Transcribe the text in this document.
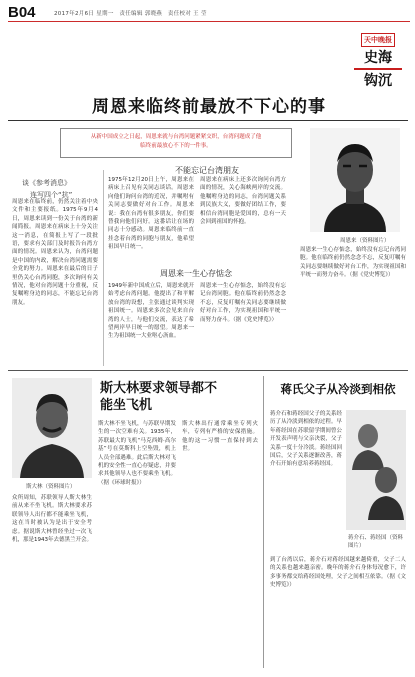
B04	2017年2月6日 星期一　责任编辑 郭晓燕　责任校对 王 莹
天中晚报
史海
钩沉
周恩来临终前最放不下心的事
从新中国成立之日起，周恩来就与台湾问题紧紧交织，台湾问题成了他
临终前最放心不下的一件事。
不能忘记台湾朋友
谈《参考消息》
连写四个“抗”
周恩来在临终前，仍然关注着中央文件和主要报纸。1975年9月4日，周恩来读到一份关于台湾的新闻简报。周恩来在病床上十分关注这一消息，在简报上写了一段批语，要求有关部门及时报告台湾方面的情况。周恩来认为，台湾问题是中国的内政，解决台湾问题需要全党的努力。周恩来在最后的日子里仍关心台湾同胞，多次询问有关情况，他对台湾问题十分重视，反复嘱咐身边的同志，不能忘记台湾朋友。
1975年12月20日上午，周恩来在病床上召见有关同志谈话。周恩来向他们询问台湾的近况，并嘱咐有关同志要做好对台工作。周恩来说：我在台湾有很多朋友，你们要替我向他们问好。这番话让在场的同志十分感动。周恩来临终前一直挂念着台湾的同胞与朋友，他希望祖国早日统一。
周恩来在病床上还多次询问台湾方面的情况，关心海峡两岸的交流。他嘱咐身边的同志，台湾问题关系到民族大义，要做好团结工作，要相信台湾同胞是爱国的，总有一天会回到祖国的怀抱。
周恩来一生心存惦念
1949年新中国成立后，周恩来就开始考虑台湾问题。他提出了和平解放台湾的设想，主张通过谈判实现祖国统一。周恩来多次会见来自台湾的人士，与他们交流，表达了希望两岸早日统一的愿望。周恩来一生为祖国统一大业呕心沥血。
周恩来一生心存惦念，始终没有忘记台湾同胞。他在临终前仍然念念不忘，反复叮嘱有关同志要继续做好对台工作，为实现祖国和平统一而努力奋斗。（据《党史博览》）
周恩来（资料图片）
周恩来一生心存惦念，始终没有忘记台湾同胞。他在临终前仍然念念不忘，反复叮嘱有关同志要继续做好对台工作，为实现祖国和平统一而努力奋斗。（据《党史博览》）
斯大林（资料图片）
斯大林要求领导都不能坐飞机
众所周知，苏联领导人斯大林生前从来不坐飞机。斯大林要求苏联领导人出行都不能乘坐飞机，这在当时被认为是出于安全考虑。据说斯大林曾经坐过一次飞机，那是1943年去德黑兰开会。
斯大林不坐飞机，与苏联早期发生的一次空难有关。1935年，苏联最大的飞机“马克西姆·高尔基”号在莫斯科上空坠毁，机上人员全部遇难。此后斯大林对飞机的安全性一直心存疑虑，并要求其他领导人也不要乘坐飞机。（据《环球时报》）
斯大林出行通常乘坐专列火车，专列有严格的安保措施。他的这一习惯一直保持到去世。
蒋氏父子从冷淡到相依
蒋介石和蒋经国父子的关系经历了从冷淡到相依的过程。早年蒋经国在苏联留学期间曾公开发表声明与父亲决裂，父子关系一度十分冷淡。蒋经国回国后，父子关系逐渐改善，蒋介石开始有意培养蒋经国。
蒋介石、蒋经国（资料图片）
到了台湾以后，蒋介石对蒋经国越来越倚重，父子二人的关系也越来越亲密。晚年的蒋介石身体每况愈下，许多事务都交给蒋经国处理，父子之间相互依靠。（据《文史博览》）
